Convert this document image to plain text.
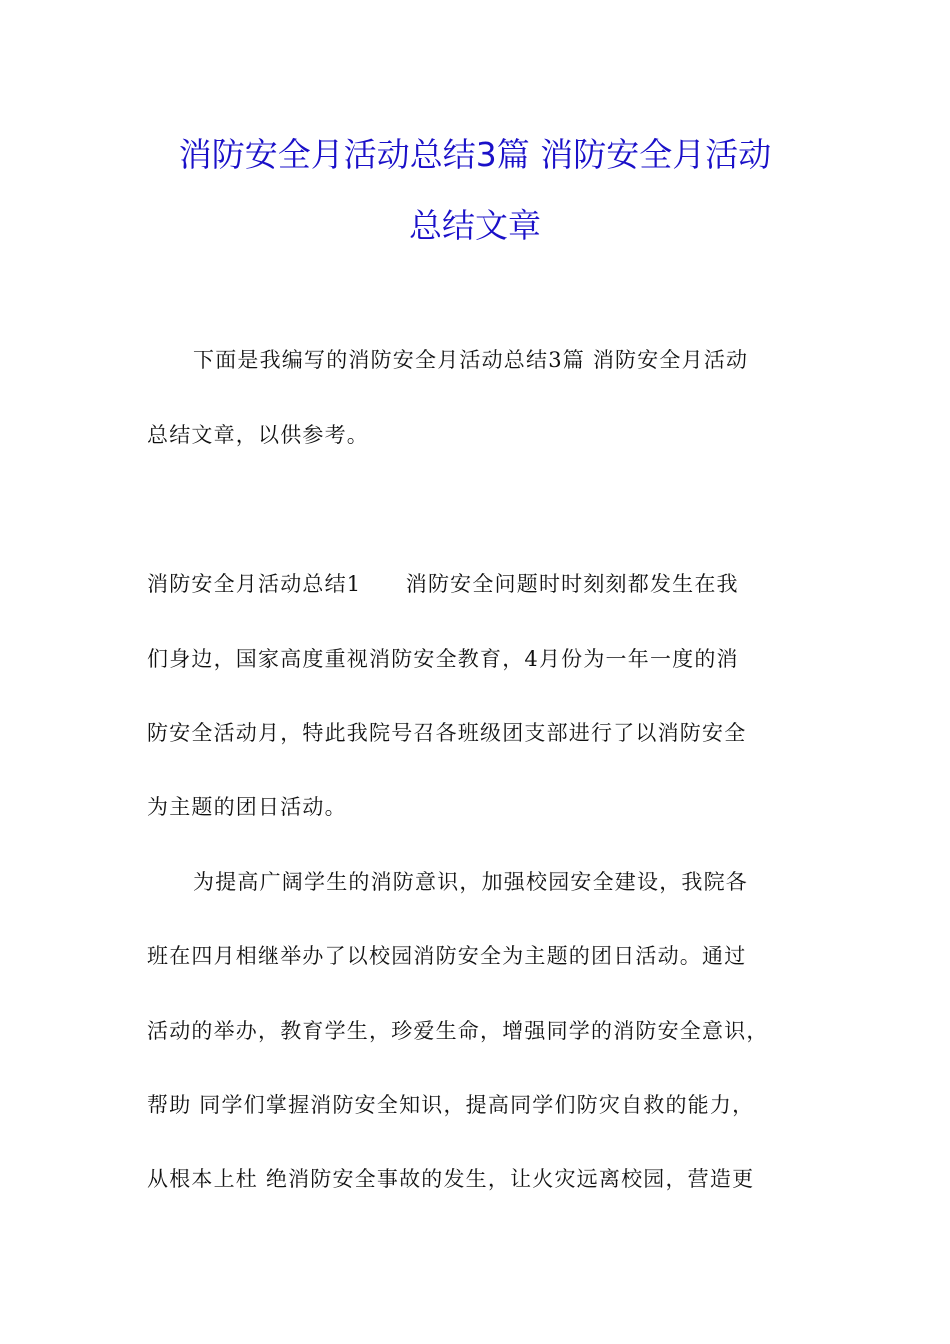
消防安全月活动总结3篇 消防安全月活动
总结文章
下面是我编写的消防安全月活动总结3篇 消防安全月活动
总结文章，以供参考。
消防安全月活动总结1　　消防安全问题时时刻刻都发生在我
们身边，国家高度重视消防安全教育，4月份为一年一度的消
防安全活动月，特此我院号召各班级团支部进行了以消防安全
为主题的团日活动。
为提高广阔学生的消防意识，加强校园安全建设，我院各
班在四月相继举办了以校园消防安全为主题的团日活动。通过
活动的举办，教育学生，珍爱生命，增强同学的消防安全意识，
帮助 同学们掌握消防安全知识，提高同学们防灾自救的能力，
从根本上杜 绝消防安全事故的发生，让火灾远离校园，营造更
